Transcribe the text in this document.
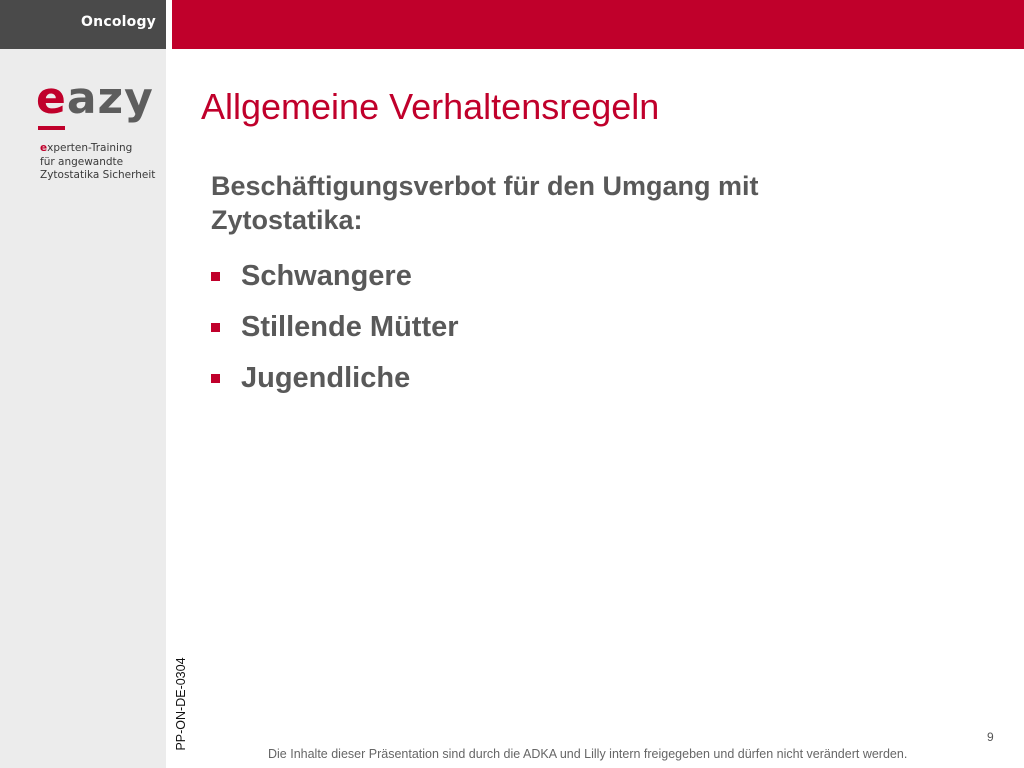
Oncology
eazy
experten-Training
für angewandte
Zytostatika Sicherheit
Allgemeine Verhaltensregeln
Beschäftigungsverbot für den Umgang mit Zytostatika:
Schwangere
Stillende Mütter
Jugendliche
PP-ON-DE-0304	9
Die Inhalte dieser Präsentation sind durch die ADKA und Lilly intern freigegeben und dürfen nicht verändert werden.
